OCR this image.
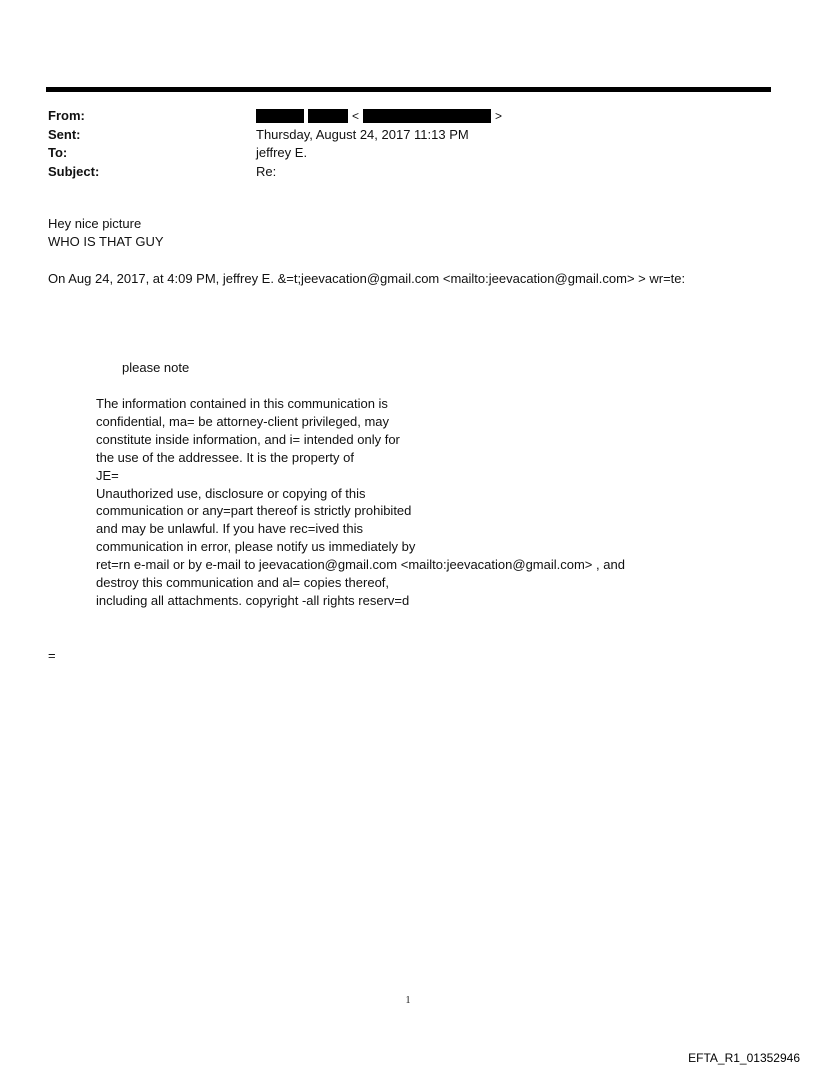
From:	<	>
Sent:	Thursday, August 24, 2017 11:13 PM
To:	jeffrey E.
Subject:	Re:
Hey nice picture
WHO IS THAT GUY
On Aug 24, 2017, at 4:09 PM, jeffrey E. &=t;jeevacation@gmail.com <mailto:jeevacation@gmail.com> > wr=te:
please note
The information contained in this communication is
confidential, ma= be attorney-client privileged, may
constitute inside information, and i= intended only for
the use of the addressee. It is the property of
JE=
Unauthorized use, disclosure or copying of this
communication or any=part thereof is strictly prohibited
and may be unlawful. If you have rec=ived this
communication in error, please notify us immediately by
ret=rn e-mail or by e-mail to jeevacation@gmail.com <mailto:jeevacation@gmail.com> , and
destroy this communication and al= copies thereof,
including all attachments. copyright -all rights reserv=d
=
1
EFTA_R1_01352946
